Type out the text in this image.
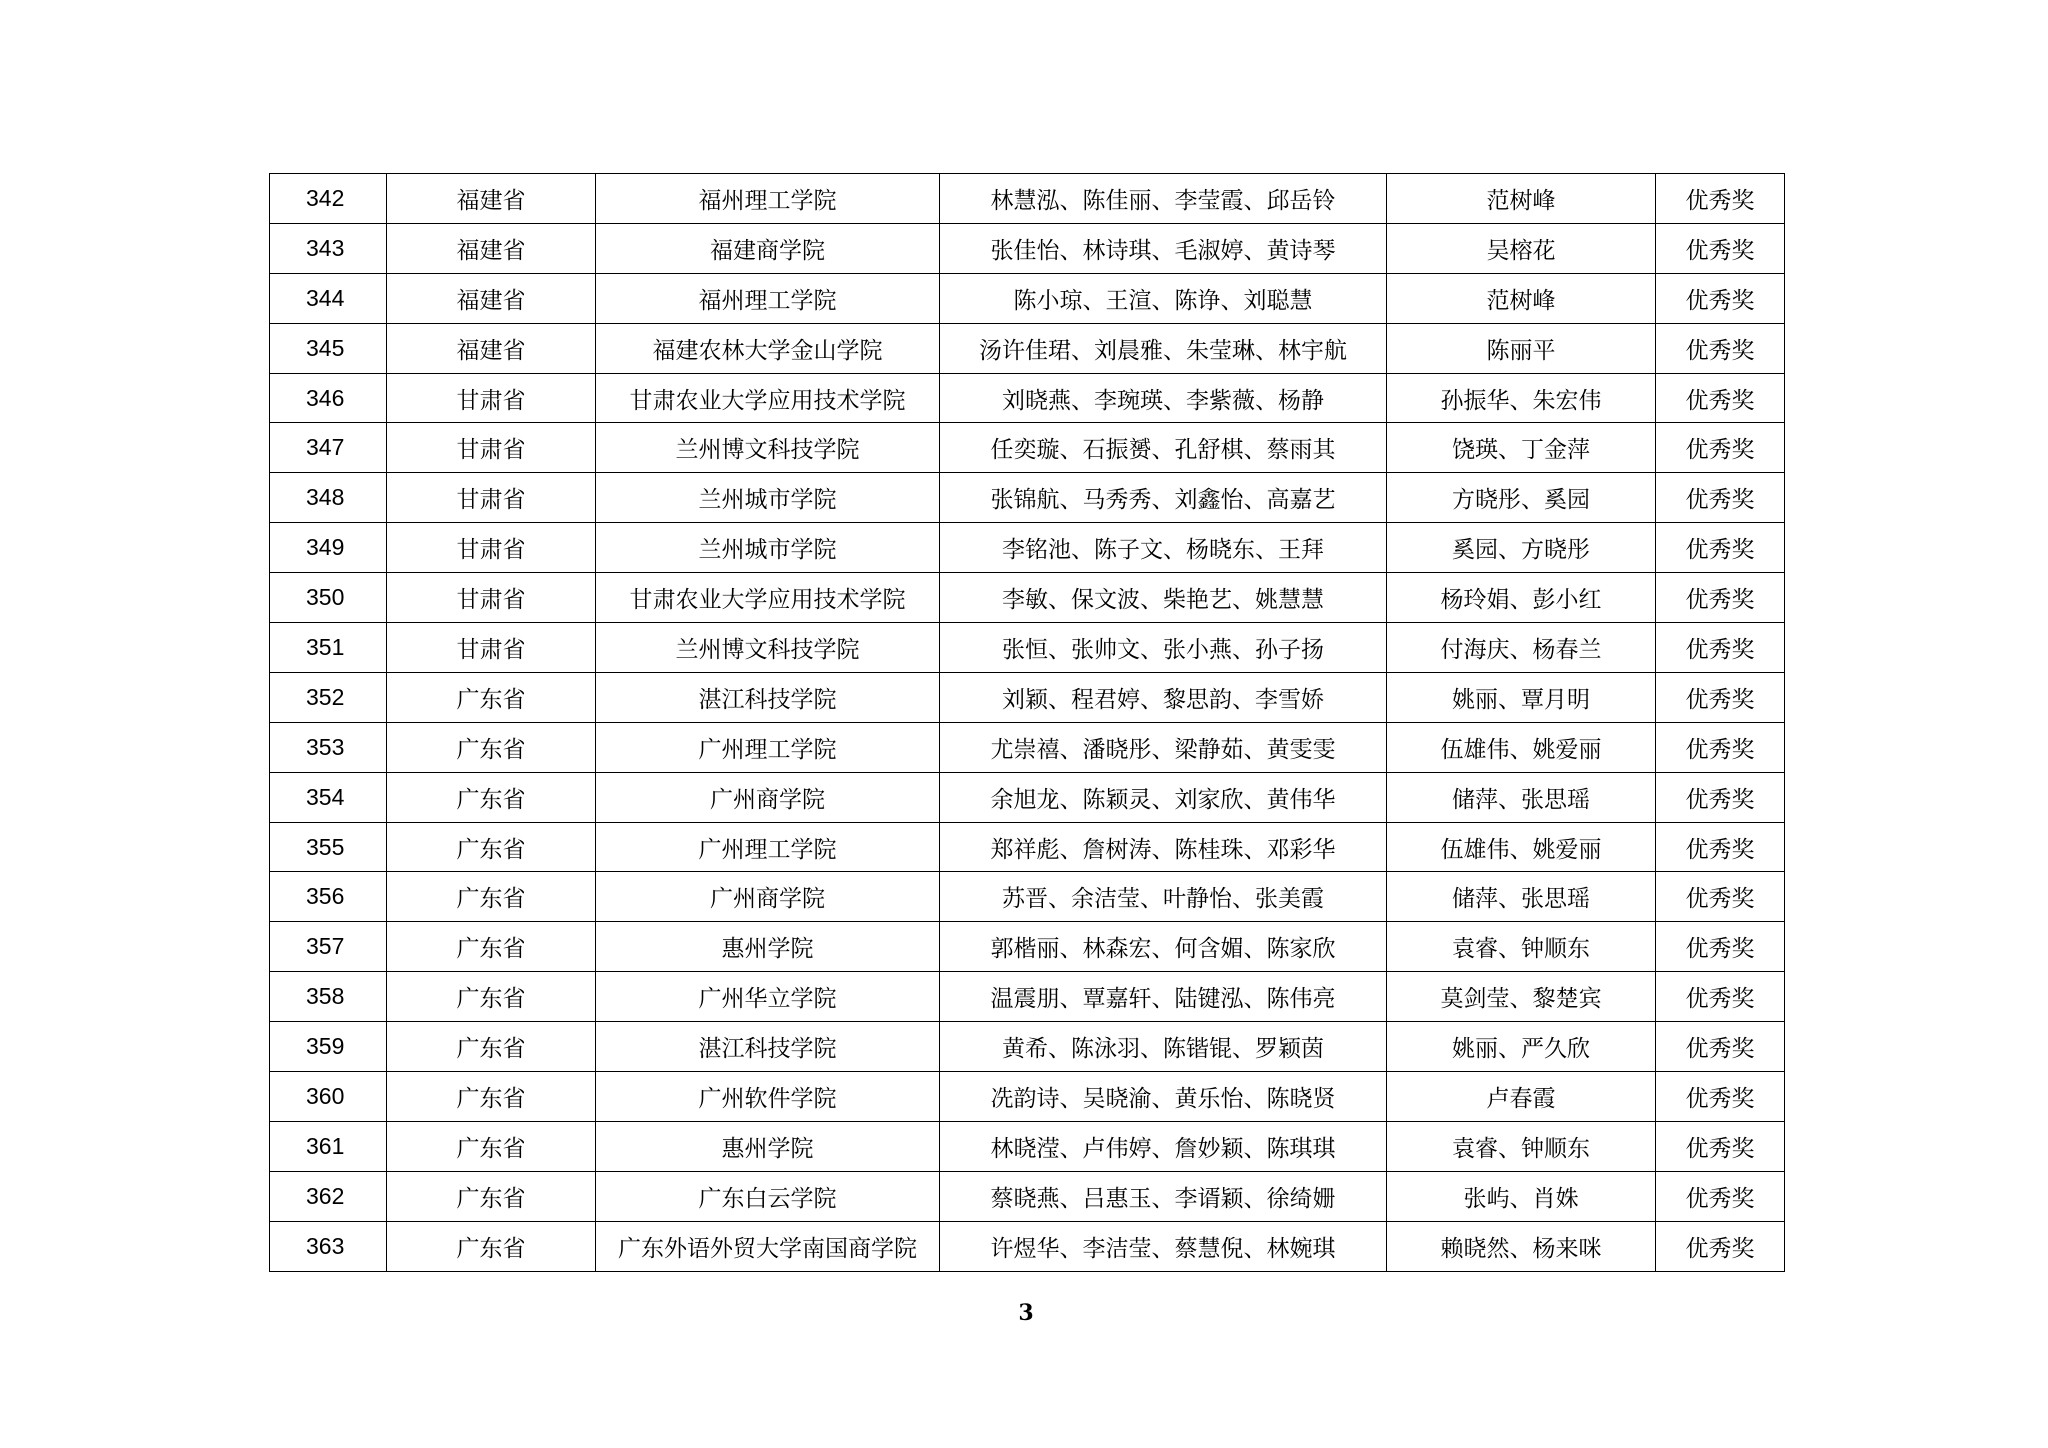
342	福建省	福州理工学院	林慧泓、陈佳丽、李莹霞、邱岳铃	范树峰	优秀奖
343	福建省	福建商学院	张佳怡、林诗琪、毛淑婷、黄诗琴	吴榕花	优秀奖
344	福建省	福州理工学院	陈小琼、王渲、陈诤、刘聪慧	范树峰	优秀奖
345	福建省	福建农林大学金山学院	汤许佳珺、刘晨雅、朱莹琳、林宇航	陈丽平	优秀奖
346	甘肃省	甘肃农业大学应用技术学院	刘晓燕、李琬瑛、李紫薇、杨静	孙振华、朱宏伟	优秀奖
347	甘肃省	兰州博文科技学院	任奕璇、石振赟、孔舒棋、蔡雨其	饶瑛、丁金萍	优秀奖
348	甘肃省	兰州城市学院	张锦航、马秀秀、刘鑫怡、高嘉艺	方晓彤、奚园	优秀奖
349	甘肃省	兰州城市学院	李铭池、陈子文、杨晓东、王拜	奚园、方晓彤	优秀奖
350	甘肃省	甘肃农业大学应用技术学院	李敏、保文波、柴艳艺、姚慧慧	杨玲娟、彭小红	优秀奖
351	甘肃省	兰州博文科技学院	张恒、张帅文、张小燕、孙子扬	付海庆、杨春兰	优秀奖
352	广东省	湛江科技学院	刘颖、程君婷、黎思韵、李雪娇	姚丽、覃月明	优秀奖
353	广东省	广州理工学院	尤崇禧、潘晓彤、梁静茹、黄雯雯	伍雄伟、姚爱丽	优秀奖
354	广东省	广州商学院	余旭龙、陈颖灵、刘家欣、黄伟华	储萍、张思瑶	优秀奖
355	广东省	广州理工学院	郑祥彪、詹树涛、陈桂珠、邓彩华	伍雄伟、姚爱丽	优秀奖
356	广东省	广州商学院	苏晋、余洁莹、叶静怡、张美霞	储萍、张思瑶	优秀奖
357	广东省	惠州学院	郭楷丽、林森宏、何含媚、陈家欣	袁睿、钟顺东	优秀奖
358	广东省	广州华立学院	温震朋、覃嘉轩、陆键泓、陈伟亮	莫剑莹、黎楚宾	优秀奖
359	广东省	湛江科技学院	黄希、陈泳羽、陈锴锟、罗颖茵	姚丽、严久欣	优秀奖
360	广东省	广州软件学院	冼韵诗、吴晓渝、黄乐怡、陈晓贤	卢春霞	优秀奖
361	广东省	惠州学院	林晓滢、卢伟婷、詹妙颖、陈琪琪	袁睿、钟顺东	优秀奖
362	广东省	广东白云学院	蔡晓燕、吕惠玉、李谞颖、徐绮姗	张屿、肖姝	优秀奖
363	广东省	广东外语外贸大学南国商学院	许煜华、李洁莹、蔡慧倪、林婉琪	赖晓然、杨来咪	优秀奖
3
